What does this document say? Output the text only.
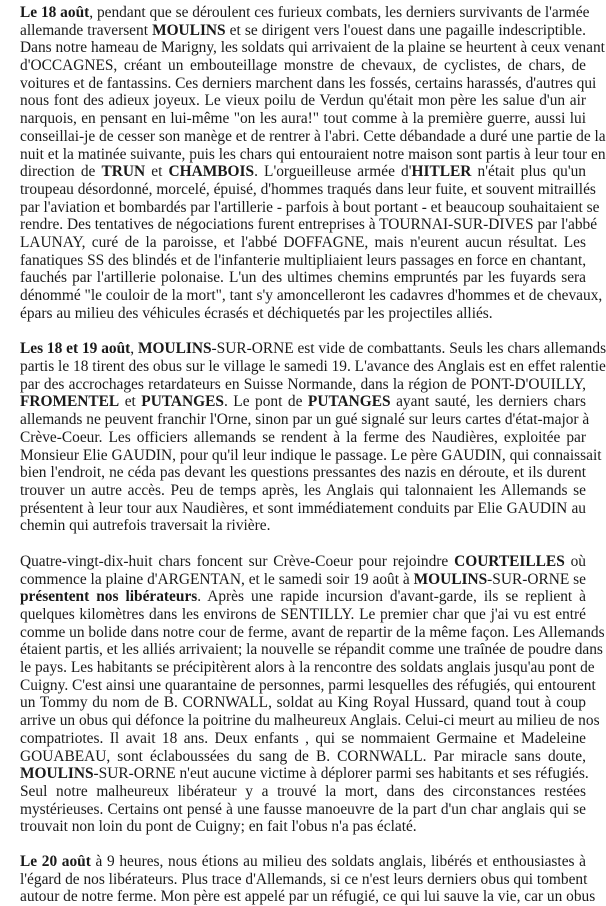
Le 18 août, pendant que se déroulent ces furieux combats, les derniers survivants de l'armée
allemande traversent MOULINS et se dirigent vers l'ouest dans une pagaille indescriptible.
Dans notre hameau de Marigny, les soldats qui arrivaient de la plaine se heurtent à ceux venant
d'OCCAGNES, créant un embouteillage monstre de chevaux, de cyclistes, de chars, de
voitures et de fantassins. Ces derniers marchent dans les fossés, certains harassés, d'autres qui
nous font des adieux joyeux. Le vieux poilu de Verdun qu'était mon père les salue d'un air
narquois, en pensant en lui-même "on les aura!" tout comme à la première guerre, aussi lui
conseillai-je de cesser son manège et de rentrer à l'abri. Cette débandade a duré une partie de la
nuit et la matinée suivante, puis les chars qui entouraient notre maison sont partis à leur tour en
direction de TRUN et CHAMBOIS. L'orgueilleuse armée d'HITLER n'était plus qu'un
troupeau désordonné, morcelé, épuisé, d'hommes traqués dans leur fuite, et souvent mitraillés
par l'aviation et bombardés par l'artillerie - parfois à bout portant - et beaucoup souhaitaient se
rendre. Des tentatives de négociations furent entreprises à TOURNAI-SUR-DIVES par l'abbé
LAUNAY, curé de la paroisse, et l'abbé DOFFAGNE, mais n'eurent aucun résultat. Les
fanatiques SS des blindés et de l'infanterie multipliaient leurs passages en force en chantant,
fauchés par l'artillerie polonaise. L'un des ultimes chemins empruntés par les fuyards sera
dénommé "le couloir de la mort", tant s'y amoncelleront les cadavres d'hommes et de chevaux,
épars au milieu des véhicules écrasés et déchiquetés par les projectiles alliés.
Les 18 et 19 août, MOULINS-SUR-ORNE est vide de combattants. Seuls les chars allemands
partis le 18 tirent des obus sur le village le samedi 19. L'avance des Anglais est en effet ralentie
par des accrochages retardateurs en Suisse Normande, dans la région de PONT-D'OUILLY,
FROMENTEL et PUTANGES. Le pont de PUTANGES ayant sauté, les derniers chars
allemands ne peuvent franchir l'Orne, sinon par un gué signalé sur leurs cartes d'état-major à
Crève-Coeur. Les officiers allemands se rendent à la ferme des Naudières, exploitée par
Monsieur Elie GAUDIN, pour qu'il leur indique le passage. Le père GAUDIN, qui connaissait
bien l'endroit, ne céda pas devant les questions pressantes des nazis en déroute, et ils durent
trouver un autre accès. Peu de temps après, les Anglais qui talonnaient les Allemands se
présentent à leur tour aux Naudières, et sont immédiatement conduits par Elie GAUDIN au
chemin qui autrefois traversait la rivière.
Quatre-vingt-dix-huit chars foncent sur Crève-Coeur pour rejoindre COURTEILLES où
commence la plaine d'ARGENTAN, et le samedi soir 19 août à MOULINS-SUR-ORNE se
présentent nos libérateurs. Après une rapide incursion d'avant-garde, ils se replient à
quelques kilomètres dans les environs de SENTILLY. Le premier char que j'ai vu est entré
comme un bolide dans notre cour de ferme, avant de repartir de la même façon. Les Allemands
étaient partis, et les alliés arrivaient; la nouvelle se répandit comme une traînée de poudre dans
le pays. Les habitants se précipitèrent alors à la rencontre des soldats anglais jusqu'au pont de
Cuigny. C'est ainsi une quarantaine de personnes, parmi lesquelles des réfugiés, qui entourent
un Tommy du nom de B. CORNWALL, soldat au King Royal Hussard, quand tout à coup
arrive un obus qui défonce la poitrine du malheureux Anglais. Celui-ci meurt au milieu de nos
compatriotes. Il avait 18 ans. Deux enfants , qui se nommaient Germaine et Madeleine
GOUABEAU, sont éclaboussées du sang de B. CORNWALL. Par miracle sans doute,
MOULINS-SUR-ORNE n'eut aucune victime à déplorer parmi ses habitants et ses réfugiés.
Seul notre malheureux libérateur y a trouvé la mort, dans des circonstances restées
mystérieuses. Certains ont pensé à une fausse manoeuvre de la part d'un char anglais qui se
trouvait non loin du pont de Cuigny; en fait l'obus n'a pas éclaté.
Le 20 août à 9 heures, nous étions au milieu des soldats anglais, libérés et enthousiastes à
l'égard de nos libérateurs. Plus trace d'Allemands, si ce n'est leurs derniers obus qui tombent
autour de notre ferme. Mon père est appelé par un réfugié, ce qui lui sauve la vie, car un obus
